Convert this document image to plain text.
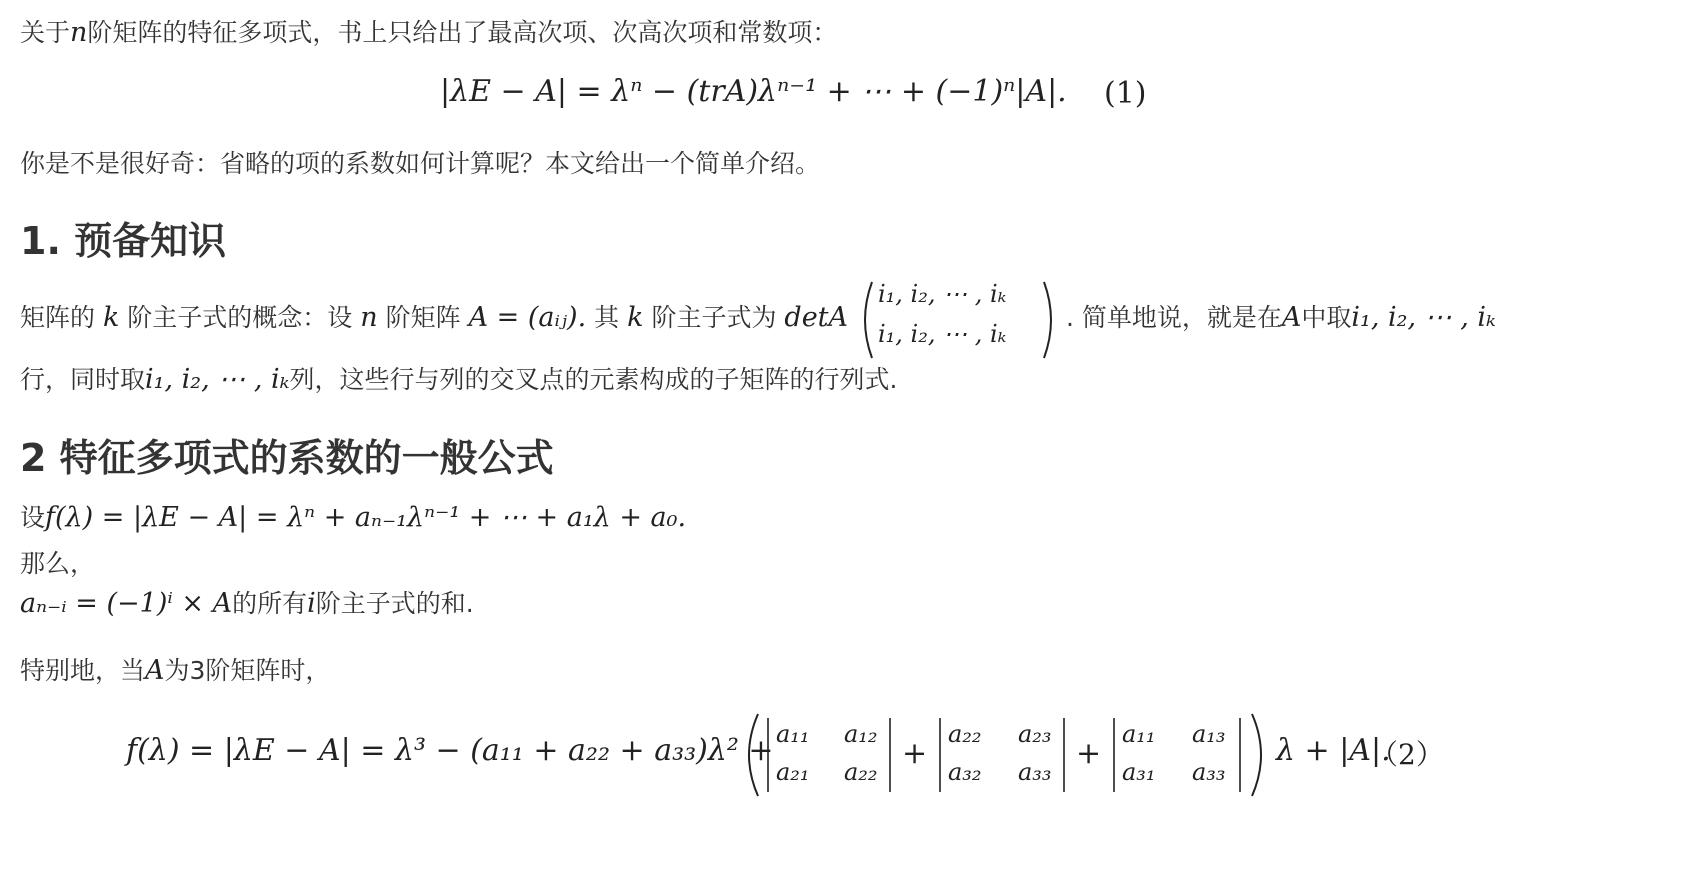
关于n阶矩阵的特征多项式，书上只给出了最高次项、次高次项和常数项：
|λE − A| = λⁿ − (trA)λⁿ⁻¹ + ⋯ + (−1)ⁿ|A|. (1)
你是不是很好奇：省略的项的系数如何计算呢？本文给出一个简单介绍。
1. 预备知识
矩阵的 k 阶主子式的概念：设 n 阶矩阵 A = (aᵢⱼ). 其 k 阶主子式为 detA
i₁, i₂, ⋯ , iₖ
i₁, i₂, ⋯ , iₖ
. 简单地说，就是在A中取i₁, i₂, ⋯ , iₖ
行，同时取i₁, i₂, ⋯ , iₖ列，这些行与列的交叉点的元素构成的子矩阵的行列式.
2 特征多项式的系数的一般公式
设f(λ) = |λE − A| = λⁿ + aₙ₋₁λⁿ⁻¹ + ⋯ + a₁λ + a₀.
那么，
aₙ₋ᵢ = (−1)ⁱ × A的所有i阶主子式的和.
特别地，当A为3阶矩阵时，
f(λ) = |λE − A| = λ³ − (a₁₁ + a₂₂ + a₃₃)λ² + a₁₁ a₁₂
a₂₁ a₂₂
+
a₂₂ a₂₃
a₃₂ a₃₃
+
a₁₁ a₁₃
a₃₁ a₃₃
λ + |A|.
（2）
